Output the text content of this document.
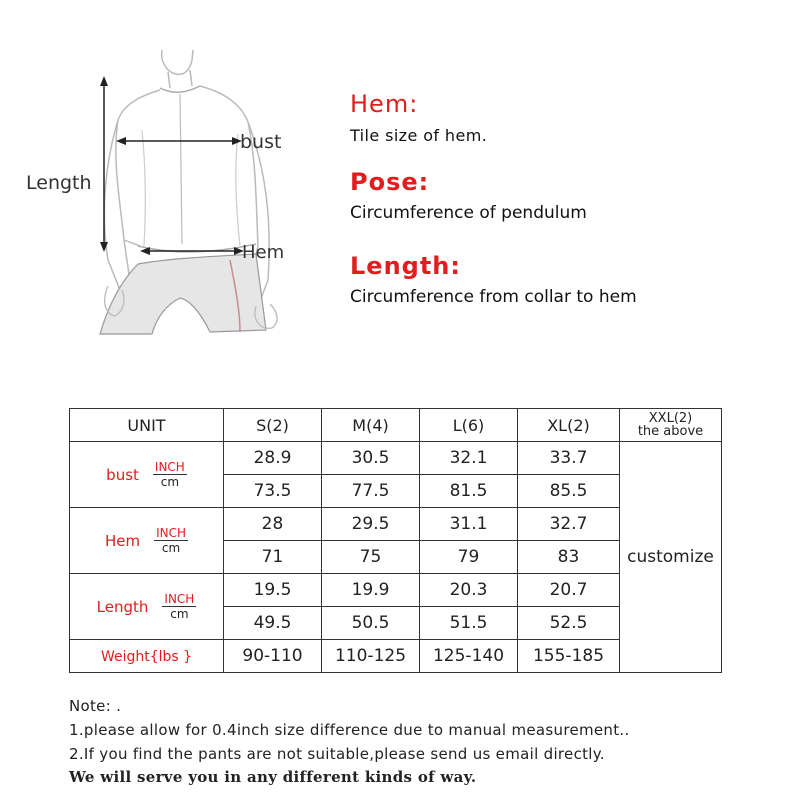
Length
bust
Hem
Hem:
Tile size of hem.
Pose:
Circumference of pendulum
Length:
Circumference from collar to hem
UNIT	S(2)	M(4)	L(6)	XL(2)	XXL(2)
the above

bust INCH
cm	28.9	30.5	32.1	33.7	customize
	73.5	77.5	81.5	85.5	

Hem INCH
cm	28	29.5	31.1	32.7	
	71	75	79	83	

Length INCH
cm	19.5	19.9	20.3	20.7	
	49.5	50.5	51.5	52.5	
Weight{lbs }	90-110	110-125	125-140	155-185	
Note: .
1.please allow for 0.4inch size difference due to manual measurement..
2.If you find the pants are not suitable,please send us email directly.
We will serve you in any different kinds of way.
